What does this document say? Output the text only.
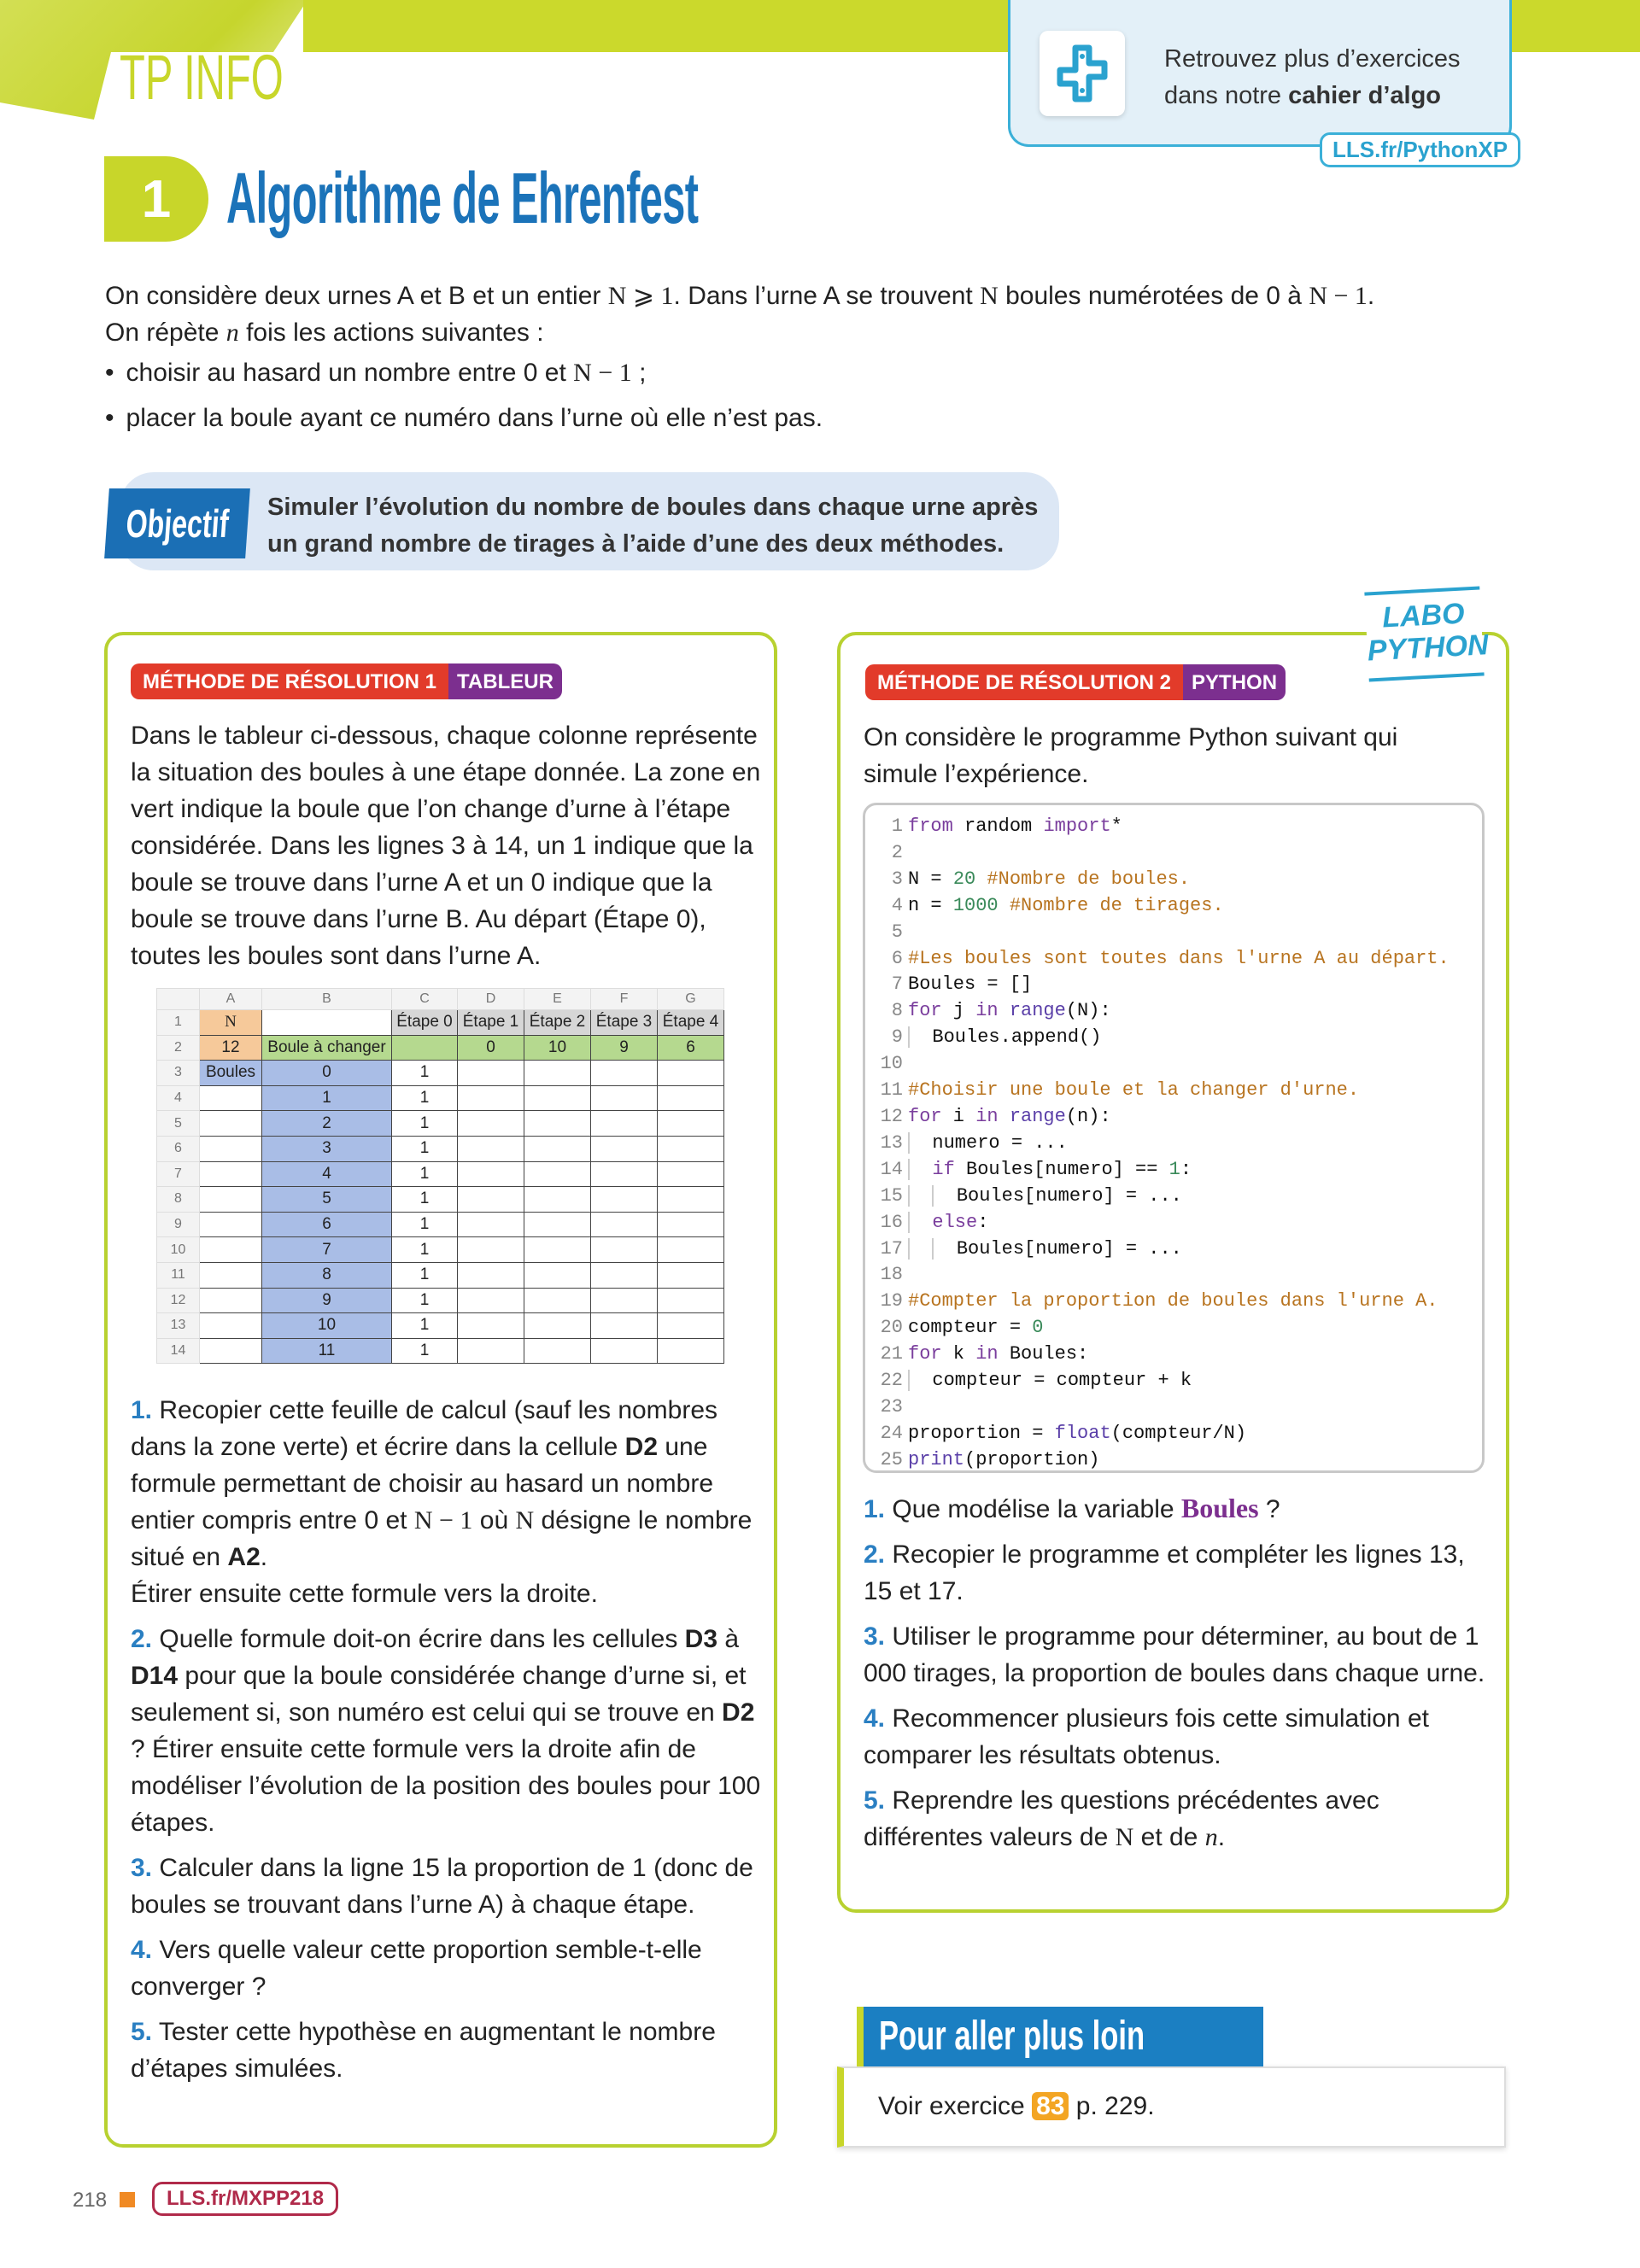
TP INFO	Retrouvez plus d’exercices
dans notre cahier d’algo
LLS.fr/PythonXP
1 Algorithme de Ehrenfest
On considère deux urnes A et B et un entier N ⩾ 1. Dans l’urne A se trouvent N boules numérotées de 0 à N − 1.
On répète n fois les actions suivantes :
• choisir au hasard un nombre entre 0 et N − 1 ;
• placer la boule ayant ce numéro dans l’urne où elle n’est pas.
Objectif Simuler l’évolution du nombre de boules dans chaque urne après
un grand nombre de tirages à l’aide d’une des deux méthodes.
MÉTHODE DE RÉSOLUTION 1	TABLEUR
Dans le tableur ci-dessous, chaque colonne représente la situation des boules à une étape donnée. La zone en vert indique la boule que l’on change d’urne à l’étape considérée. Dans les lignes 3 à 14, un 1 indique que la boule se trouve dans l’urne A et un 0 indique que la boule se trouve dans l’urne B. Au départ (Étape 0), toutes les boules sont dans l’urne A.
	A	B	C	D	E	F	G
1	N		Étape 0	Étape 1	Étape 2	Étape 3	Étape 4
2	12	Boule à changer		0	10	9	6
3	Boules	0	1				
4		1	1				
5		2	1				
6		3	1				
7		4	1				
8		5	1				
9		6	1				
10		7	1				
11		8	1				
12		9	1				
13		10	1				
14		11	1				
1. Recopier cette feuille de calcul (sauf les nombres dans la zone verte) et écrire dans la cellule D2 une formule permettant de choisir au hasard un nombre entier compris entre 0 et N − 1 où N désigne le nombre situé en A2.
Étirer ensuite cette formule vers la droite.
2. Quelle formule doit-on écrire dans les cellules D3 à D14 pour que la boule considérée change d’urne si, et seulement si, son numéro est celui qui se trouve en D2 ? Étirer ensuite cette formule vers la droite afin de modéliser l’évolution de la position des boules pour 100 étapes.
3. Calculer dans la ligne 15 la proportion de 1 (donc de boules se trouvant dans l’urne A) à chaque étape.
4. Vers quelle valeur cette proportion semble-t-elle converger ?
5. Tester cette hypothèse en augmentant le nombre d’étapes simulées.
LABO
PYTHON
MÉTHODE DE RÉSOLUTION 2	PYTHON
On considère le programme Python suivant qui simule l’expérience.
1 from random import*
2
3 N = 20 #Nombre de boules.
4 n = 1000 #Nombre de tirages.
5
6 #Les boules sont toutes dans l'urne A au départ.
7 Boules = []
8 for j in range(N):
9 Boules.append()
10
11 #Choisir une boule et la changer d'urne.
12 for i in range(n):
13 numero = ...
14 if Boules[numero] == 1:
15	Boules[numero] = ...
16 else:
17	Boules[numero] = ...
18
19 #Compter la proportion de boules dans l'urne A.
20 compteur = 0
21 for k in Boules:
22 compteur = compteur + k
23
24 proportion = float(compteur/N)
25 print(proportion)
1. Que modélise la variable Boules ?
2. Recopier le programme et compléter les lignes 13, 15 et 17.
3. Utiliser le programme pour déterminer, au bout de 1 000 tirages, la proportion de boules dans chaque urne.
4. Recommencer plusieurs fois cette simulation et comparer les résultats obtenus.
5. Reprendre les questions précédentes avec différentes valeurs de N et de n.
Voir exercice 83 p. 229.
Pour aller plus loin
218	LLS.fr/MXPP218
